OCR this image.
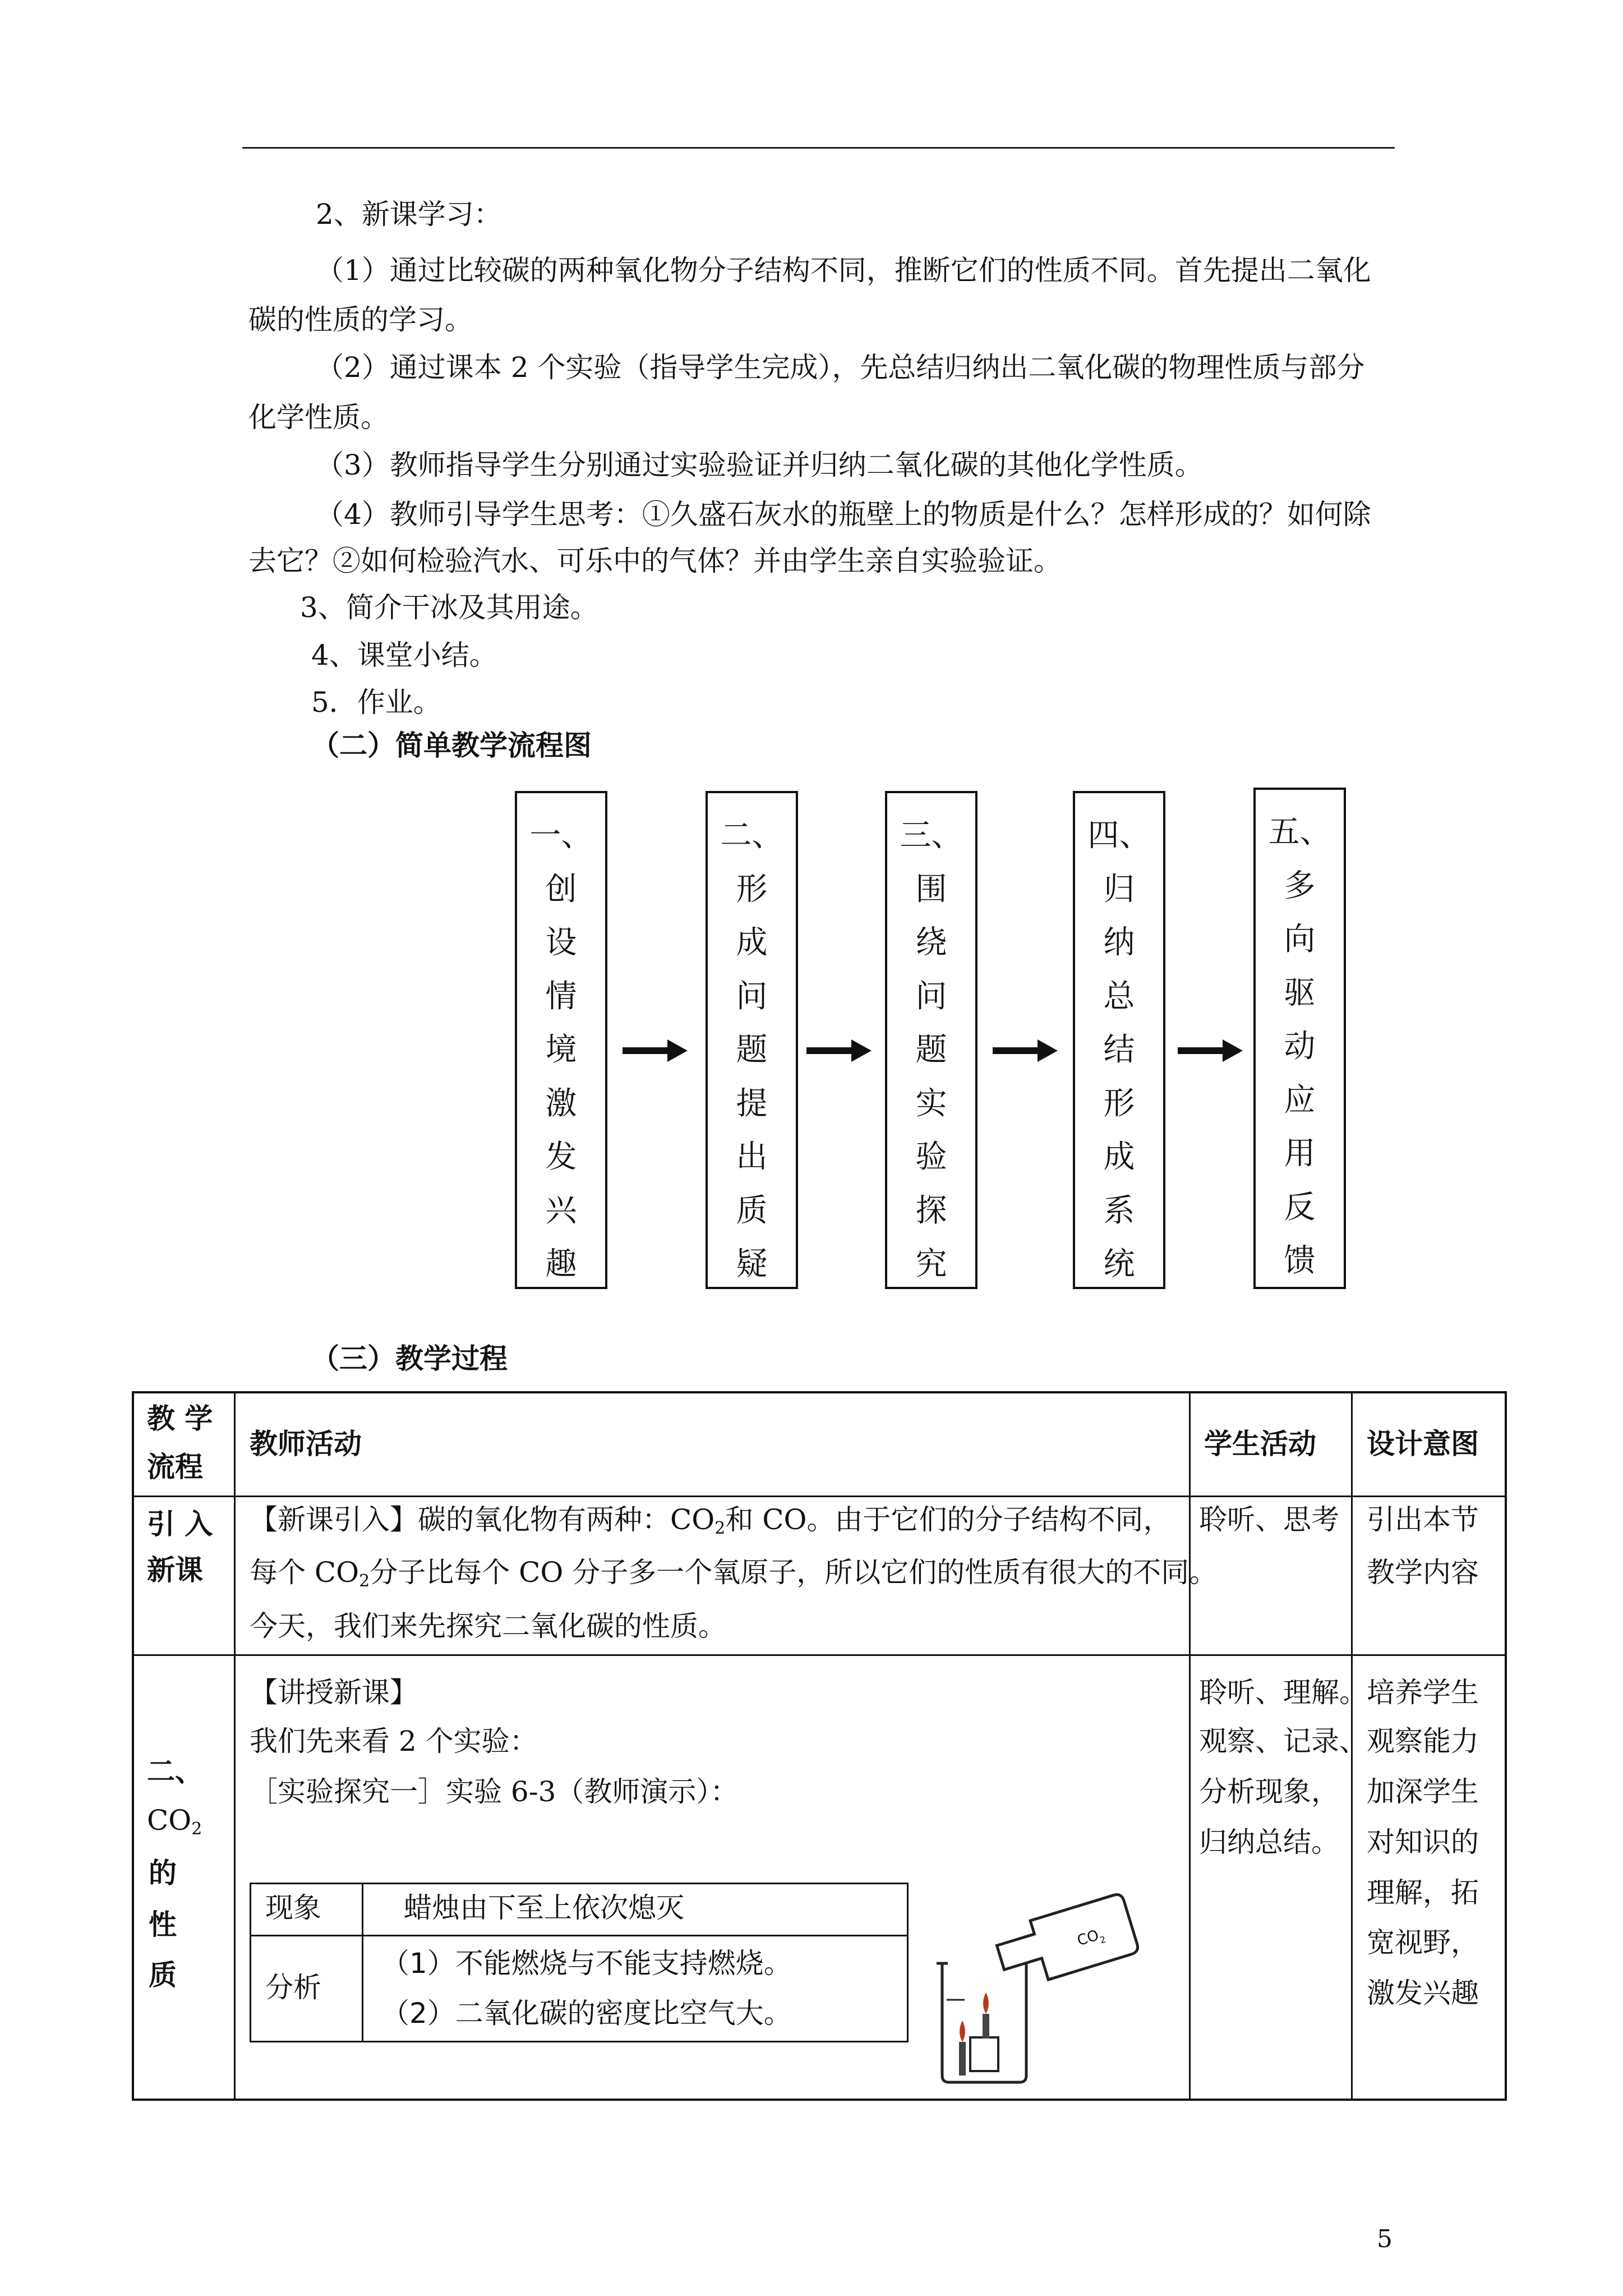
2、新课学习：
（1）通过比较碳的两种氧化物分子结构不同，推断它们的性质不同。首先提出二氧化
碳的性质的学习。
（2）通过课本 2 个实验（指导学生完成），先总结归纳出二氧化碳的物理性质与部分
化学性质。
（3）教师指导学生分别通过实验验证并归纳二氧化碳的其他化学性质。
（4）教师引导学生思考：①久盛石灰水的瓶壁上的物质是什么？怎样形成的？如何除
去它？②如何检验汽水、可乐中的气体？并由学生亲自实验验证。
3、简介干冰及其用途。
4、课堂小结。
5．作业。
（二）简单教学流程图
一、
创
设
情
境
激
发
兴
趣
二、
形
成
问
题
提
出
质
疑
三、
围
绕
问
题
实
验
探
究
四、
归
纳
总
结
形
成
系
统
五、
多
向
驱
动
应
用
反
馈
（三）教学过程
教 学
流程
教师活动	学生活动 设计意图
引 入
新课
【新课引入】碳的氧化物有两种：$CO_2$和 CO。由于它们的分子结构不同，
每个 $CO_2$分子比每个 CO 分子多一个氧原子，所以它们的性质有很大的不同。
今天，我们来先探究二氧化碳的性质。
聆听、思考 引出本节
教学内容
二、
$CO_2$
的
性
质
【讲授新课】
我们先来看 2 个实验：
［实验探究一］实验 6-3（教师演示）：
聆听、理解。
观察、记录、
分析现象，
归纳总结。
培养学生
观察能力
加深学生
对知识的
理解，拓
宽视野，
激发兴趣
现象	蜡烛由下至上依次熄灭
分析
（1）不能燃烧与不能支持燃烧。
（2）二氧化碳的密度比空气大。
$CO_2$
5
